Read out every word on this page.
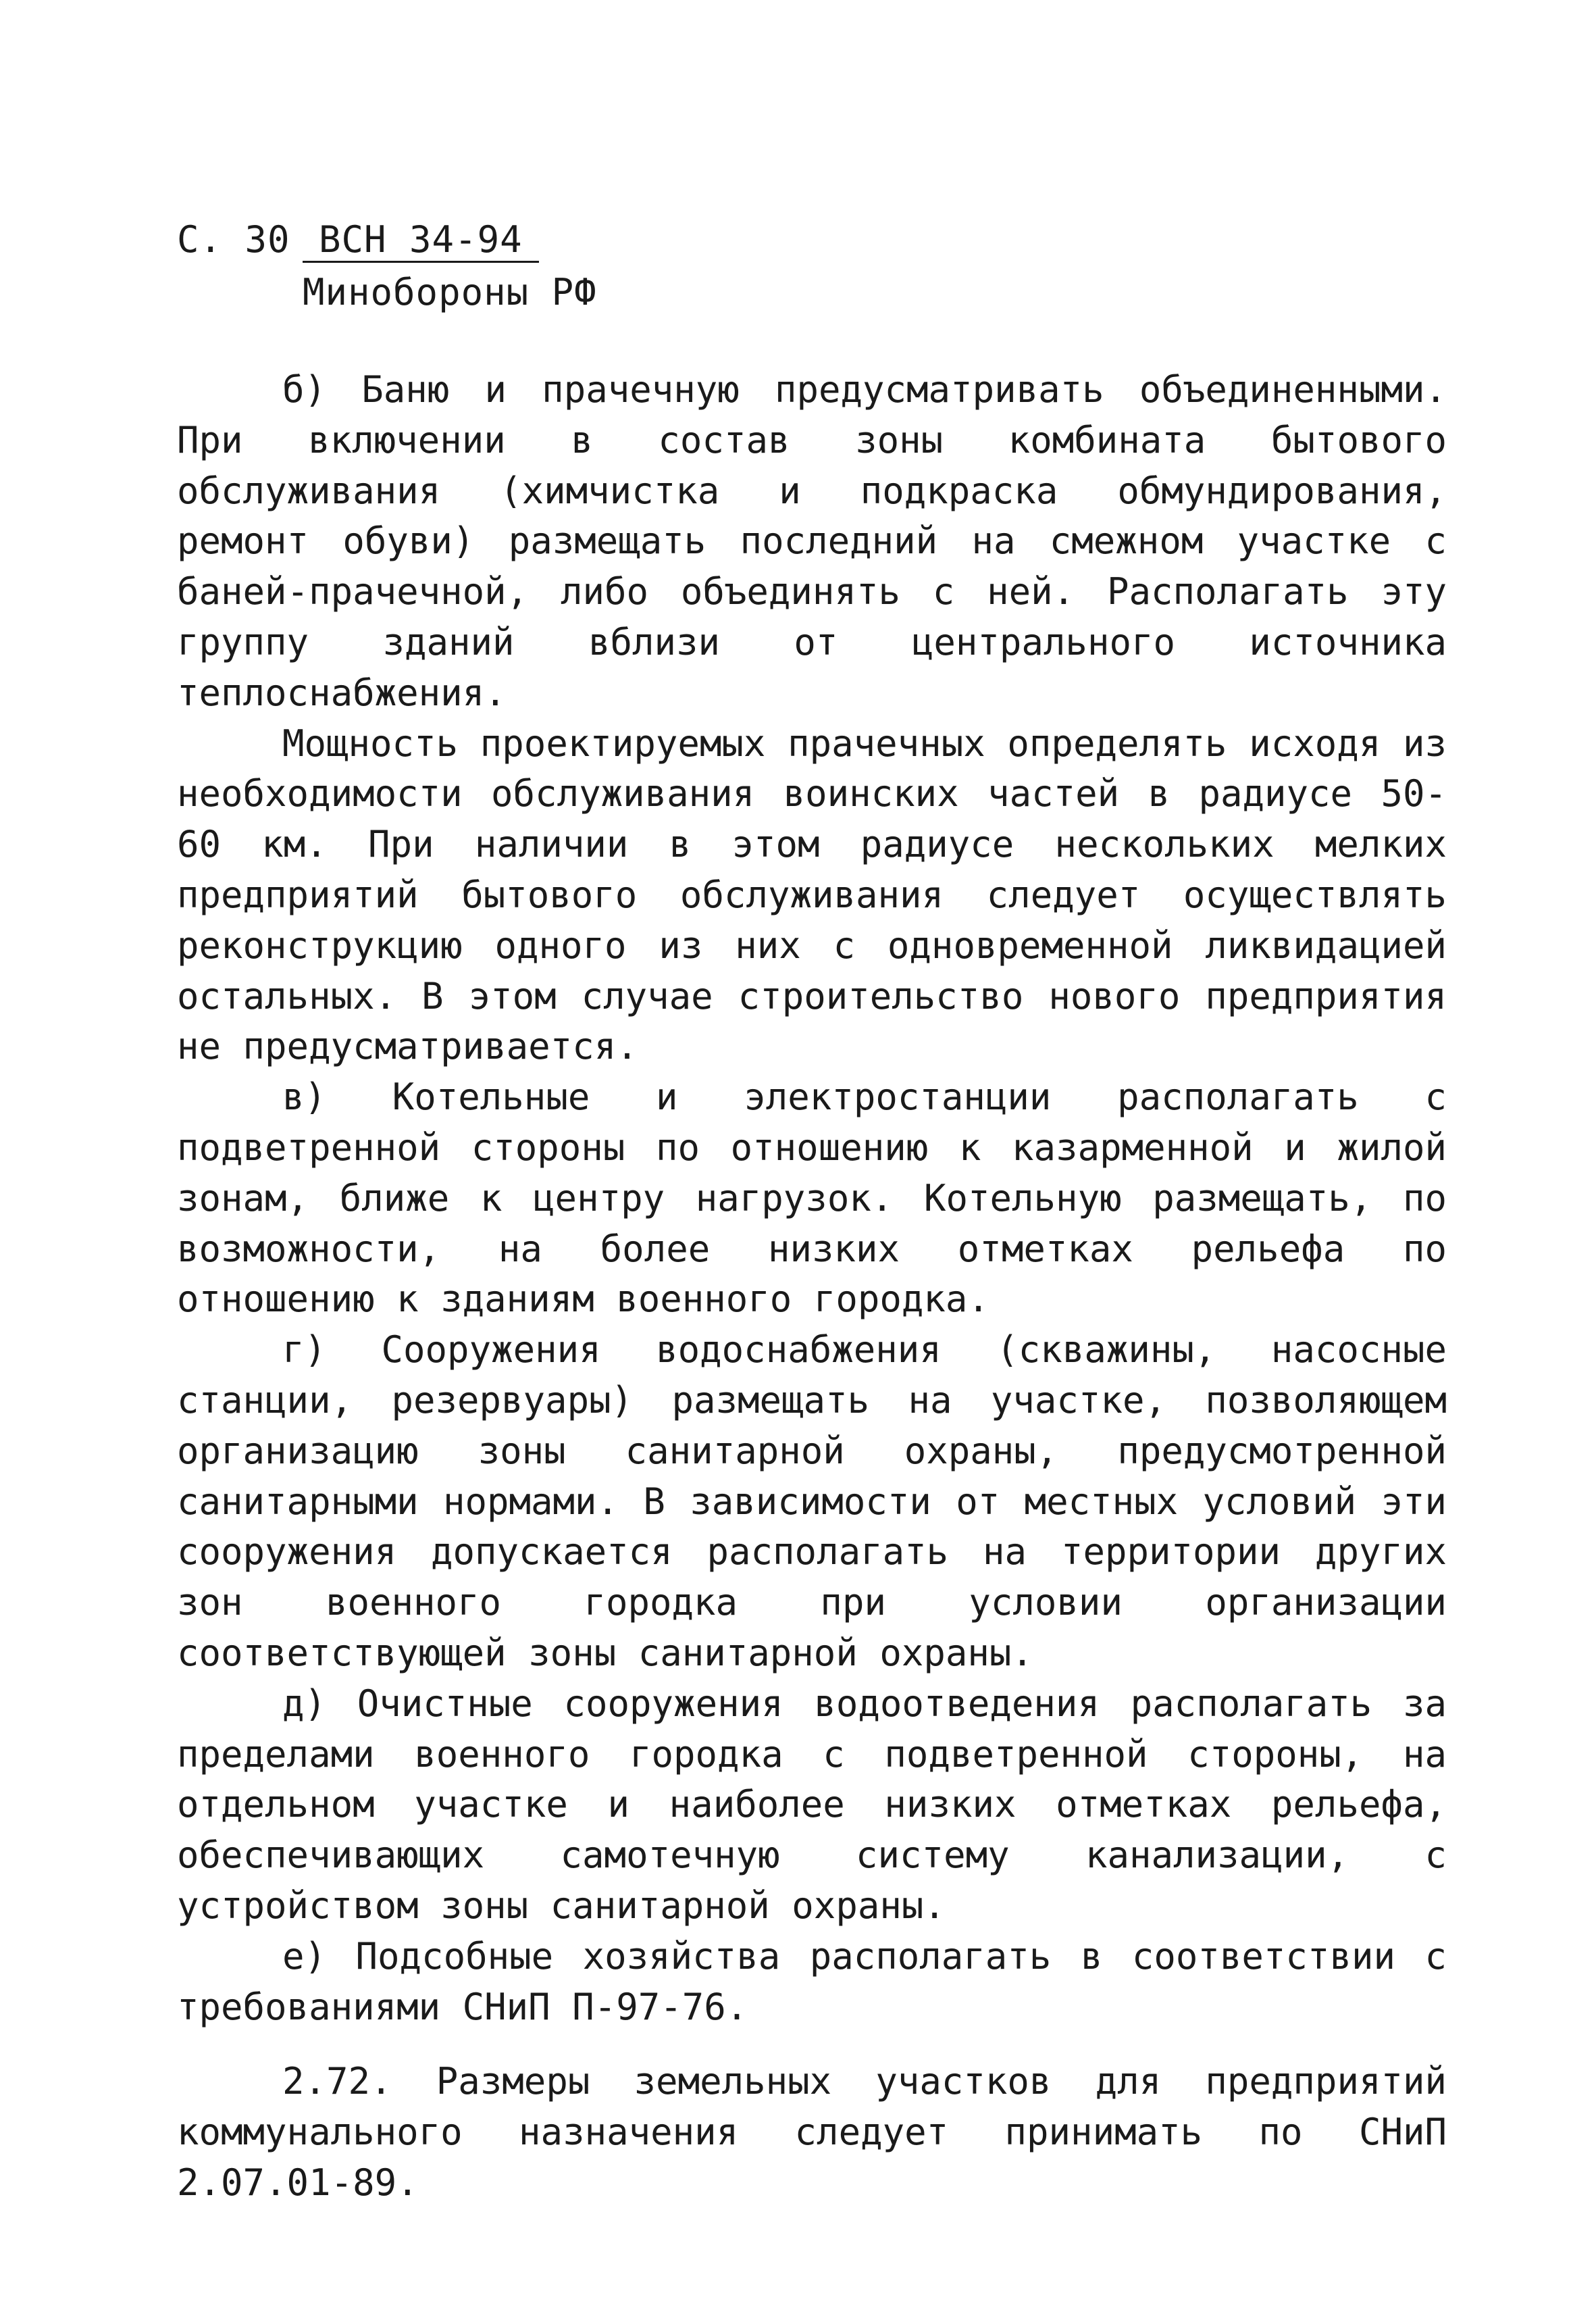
С. 30 ВСН 34-94
Минобороны РФ

б) Баню и прачечную предусматривать объединенными. При включении в состав зоны комбината бытового обслуживания (химчистка и подкраска обмундирования, ремонт обуви) размещать последний на смежном участке с баней-прачечной, либо объединять с ней. Располагать эту группу зданий вблизи от центрального источника теплоснабжения.

Мощность проектируемых прачечных определять исходя из необходимости обслуживания воинских частей в радиусе 50-60 км. При наличии в этом радиусе нескольких мелких предприятий бытового обслуживания следует осуществлять реконструкцию одного из них с одновременной ликвидацией остальных. В этом случае строительство нового предприятия не предусматривается.

в) Котельные и электростанции располагать с подветренной стороны по отношению к казарменной и жилой зонам, ближе к центру нагрузок. Котельную размещать, по возможности, на более низких отметках рельефа по отношению к зданиям военного городка.

г) Сооружения водоснабжения (скважины, насосные станции, резервуары) размещать на участке, позволяющем организацию зоны санитарной охраны, предусмотренной санитарными нормами. В зависимости от местных условий эти сооружения допускается располагать на территории других зон военного городка при условии организации соответствующей зоны санитарной охраны.

д) Очистные сооружения водоотведения располагать за пределами военного городка с подветренной стороны, на отдельном участке и наиболее низких отметках рельефа, обеспечивающих самотечную систему канализации, с устройством зоны санитарной охраны.

е) Подсобные хозяйства располагать в соответствии с требованиями СНиП П-97-76.

2.72. Размеры земельных участков для предприятий коммунального назначения следует принимать по СНиП 2.07.01-89.
